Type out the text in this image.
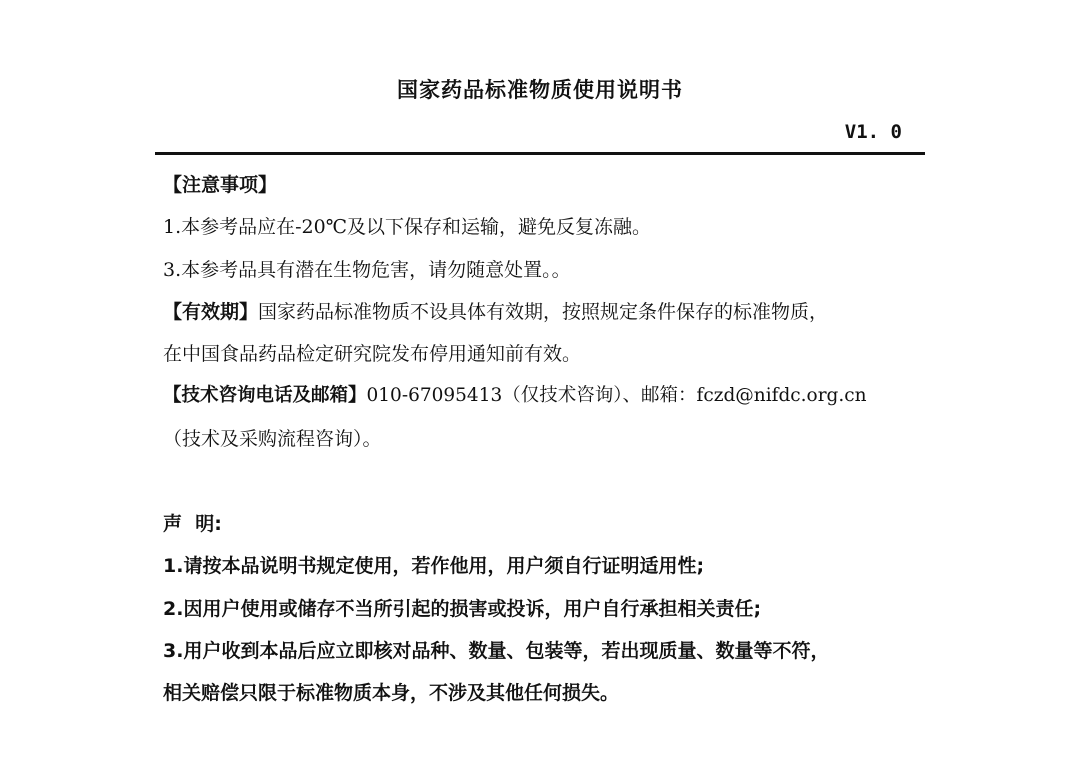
国家药品标准物质使用说明书
V1. 0
【注意事项】
1.本参考品应在-20℃及以下保存和运输，避免反复冻融。
3.本参考品具有潜在生物危害，请勿随意处置。。
【有效期】国家药品标准物质不设具体有效期，按照规定条件保存的标准物质，
在中国食品药品检定研究院发布停用通知前有效。
【技术咨询电话及邮箱】010-67095413（仅技术咨询）、邮箱：fczd@nifdc.org.cn
（技术及采购流程咨询）。
声  明:
1.请按本品说明书规定使用，若作他用，用户须自行证明适用性;
2.因用户使用或储存不当所引起的损害或投诉，用户自行承担相关责任;
3.用户收到本品后应立即核对品种、数量、包装等，若出现质量、数量等不符，
相关赔偿只限于标准物质本身，不涉及其他任何损失。
